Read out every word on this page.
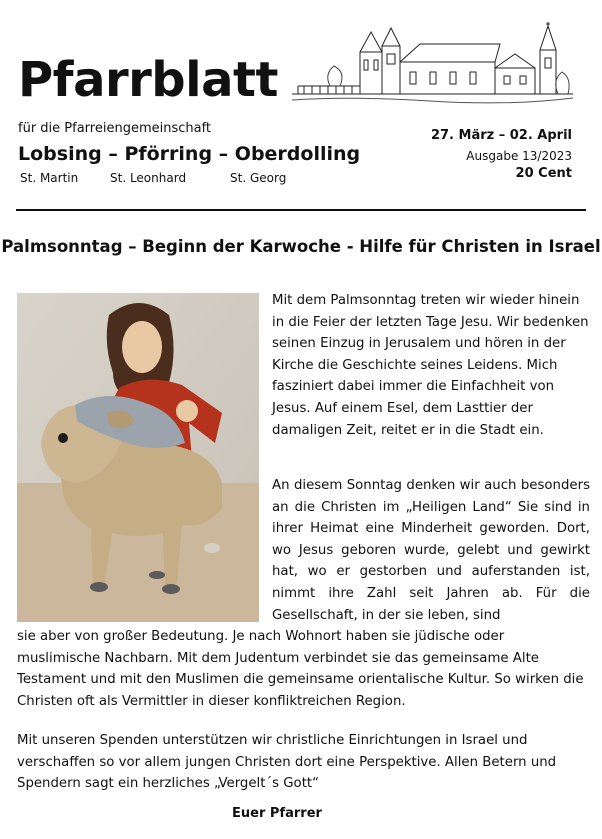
Pfarrblatt
für die Pfarreiengemeinschaft
Lobsing – Pförring – Oberdolling
St. Martin	St. Leonhard	St. Georg
27. März – 02. April
Ausgabe 13/2023
20 Cent
Palmsonntag – Beginn der Karwoche - Hilfe für Christen in Israel
Mit dem Palmsonntag treten wir wieder hinein in die Feier der letzten Tage Jesu. Wir bedenken seinen Einzug in Jerusalem und hören in der Kirche die Geschichte seines Leidens. Mich fasziniert dabei immer die Einfachheit von Jesus. Auf einem Esel, dem Lasttier der damaligen Zeit, reitet er in die Stadt ein.
An diesem Sonntag denken wir auch besonders an die Christen im „Heiligen Land“ Sie sind in ihrer Heimat eine Minderheit geworden. Dort, wo Jesus geboren wurde, gelebt und gewirkt hat, wo er gestorben und auferstanden ist, nimmt ihre Zahl seit Jahren ab. Für die Gesellschaft, in der sie leben, sind
sie aber von großer Bedeutung. Je nach Wohnort haben sie jüdische oder muslimische Nachbarn. Mit dem Judentum verbindet sie das gemeinsame Alte Testament und mit den Muslimen die gemeinsame orientalische Kultur. So wirken die Christen oft als Vermittler in dieser konfliktreichen Region.
Mit unseren Spenden unterstützen wir christliche Einrichtungen in Israel und verschaffen so vor allem jungen Christen dort eine Perspektive. Allen Betern und Spendern sagt ein herzliches „Vergelt´s Gott“
Euer Pfarrer
